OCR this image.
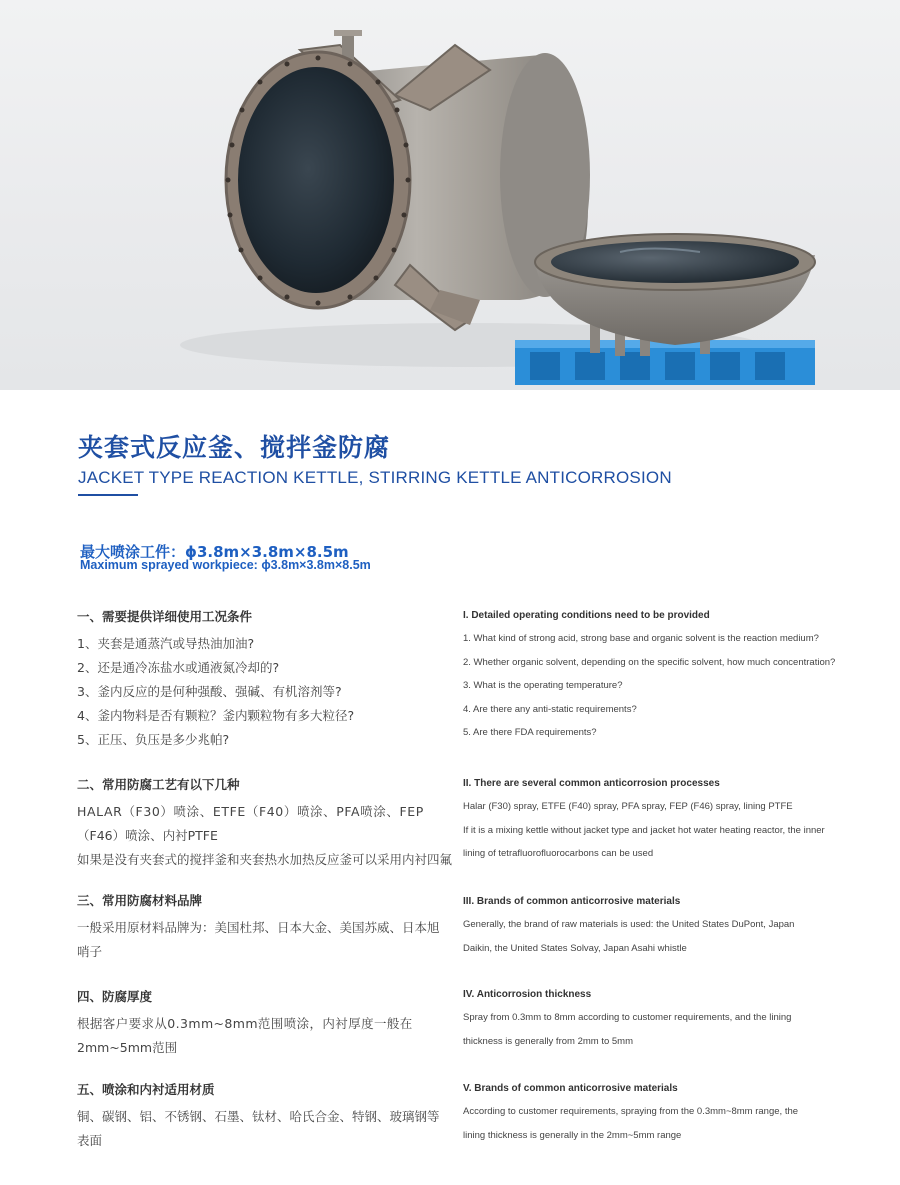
夹套式反应釜、搅拌釜防腐
JACKET TYPE REACTION KETTLE, STIRRING KETTLE ANTICORROSION
最大喷涂工件：ϕ3.8m×3.8m×8.5m
Maximum sprayed workpiece: ϕ3.8m×3.8m×8.5m
一、需要提供详细使用工况条件
1、夹套是通蒸汽或导热油加油?
2、还是通冷冻盐水或通液氮冷却的?
3、釜内反应的是何种强酸、强碱、有机溶剂等?
4、釜内物料是否有颗粒？釜内颗粒物有多大粒径?
5、正压、负压是多少兆帕?
二、常用防腐工艺有以下几种
HALAR（F30）喷涂、ETFE（F40）喷涂、PFA喷涂、FEP
（F46）喷涂、内衬PTFE
如果是没有夹套式的搅拌釜和夹套热水加热反应釜可以采用内衬四氟
三、常用防腐材料品牌
一般采用原材料品牌为：美国杜邦、日本大金、美国苏威、日本旭
哨子
四、防腐厚度
根据客户要求从0.3mm~8mm范围喷涂，内衬厚度一般在
2mm~5mm范围
五、喷涂和内衬适用材质
铜、碳钢、铝、不锈钢、石墨、钛材、哈氏合金、特钢、玻璃钢等
表面
I. Detailed operating conditions need to be provided
1. What kind of strong acid, strong base and organic solvent is the reaction medium?
2. Whether organic solvent, depending on the specific solvent, how much concentration?
3. What is the operating temperature?
4. Are there any anti-static requirements?
5. Are there FDA requirements?
II. There are several common anticorrosion processes
Halar (F30) spray, ETFE (F40) spray, PFA spray, FEP (F46) spray, lining PTFE
If it is a mixing kettle without jacket type and jacket hot water heating reactor, the inner
lining of tetrafluorofluorocarbons can be used
III. Brands of common anticorrosive materials
Generally, the brand of raw materials is used: the United States DuPont, Japan
Daikin, the United States Solvay, Japan Asahi whistle
IV. Anticorrosion thickness
Spray from 0.3mm to 8mm according to customer requirements, and the lining
thickness is generally from 2mm to 5mm
V. Brands of common anticorrosive materials
According to customer requirements, spraying from the 0.3mm~8mm range, the
lining thickness is generally in the 2mm~5mm range
